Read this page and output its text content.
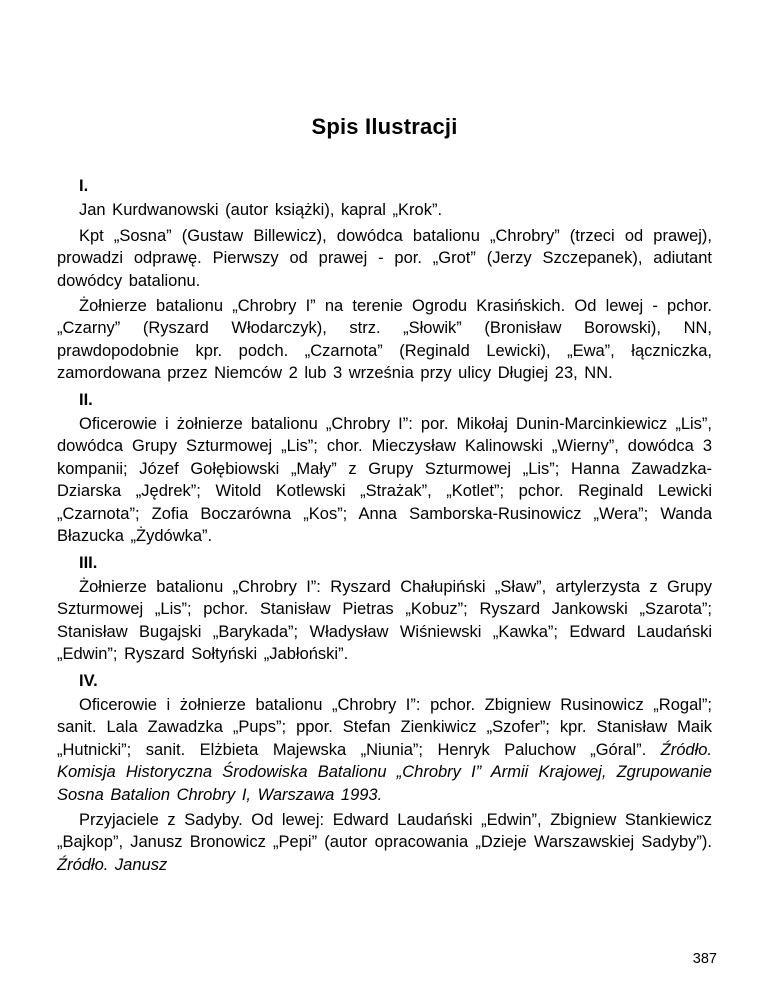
Spis Ilustracji

I.

Jan Kurdwanowski (autor książki), kapral „Krok”.

Kpt „Sosna” (Gustaw Billewicz), dowódca batalionu „Chrobry” (trzeci od prawej), prowadzi odprawę. Pierwszy od prawej - por. „Grot” (Jerzy Szczepanek), adiutant dowódcy batalionu.

Żołnierze batalionu „Chrobry I” na terenie Ogrodu Krasińskich. Od lewej - pchor. „Czarny” (Ryszard Włodarczyk), strz. „Słowik” (Bronisław Borowski), NN, prawdopodobnie kpr. podch. „Czarnota” (Reginald Lewicki), „Ewa”, łączniczka, zamordowana przez Niemców 2 lub 3 września przy ulicy Długiej 23, NN.

II.

Oficerowie i żołnierze batalionu „Chrobry I”: por. Mikołaj Dunin-Marcinkiewicz „Lis”, dowódca Grupy Szturmowej „Lis”; chor. Mieczysław Kalinowski „Wierny”, dowódca 3 kompanii; Józef Gołębiowski „Mały” z Grupy Szturmowej „Lis”; Hanna Zawadzka-Dziarska „Jędrek”; Witold Kotlewski „Strażak”, „Kotlet”; pchor. Reginald Lewicki „Czarnota”; Zofia Boczarówna „Kos”; Anna Samborska-Rusinowicz „Wera”; Wanda Błazucka „Żydówka”.

III.

Żołnierze batalionu „Chrobry I”: Ryszard Chałupiński „Sław”, artylerzysta z Grupy Szturmowej „Lis”; pchor. Stanisław Pietras „Kobuz”; Ryszard Jankowski „Szarota”; Stanisław Bugajski „Barykada”; Władysław Wiśniewski „Kawka”; Edward Laudański „Edwin”; Ryszard Sołtyński „Jabłoński”.

IV.

Oficerowie i żołnierze batalionu „Chrobry I”: pchor. Zbigniew Rusinowicz „Rogal”; sanit. Lala Zawadzka „Pups”; ppor. Stefan Zienkiwicz „Szofer”; kpr. Stanisław Maik „Hutnicki”; sanit. Elżbieta Majewska „Niunia”; Henryk Paluchow „Góral”. Źródło. Komisja Historyczna Środowiska Batalionu „Chrobry I” Armii Krajowej, Zgrupowanie Sosna Batalion Chrobry I, Warszawa 1993.

Przyjaciele z Sadyby. Od lewej: Edward Laudański „Edwin”, Zbigniew Stankiewicz „Bajkop”, Janusz Bronowicz „Pepi” (autor opracowania „Dzieje Warszawskiej Sadyby”). Źródło. Janusz

387
